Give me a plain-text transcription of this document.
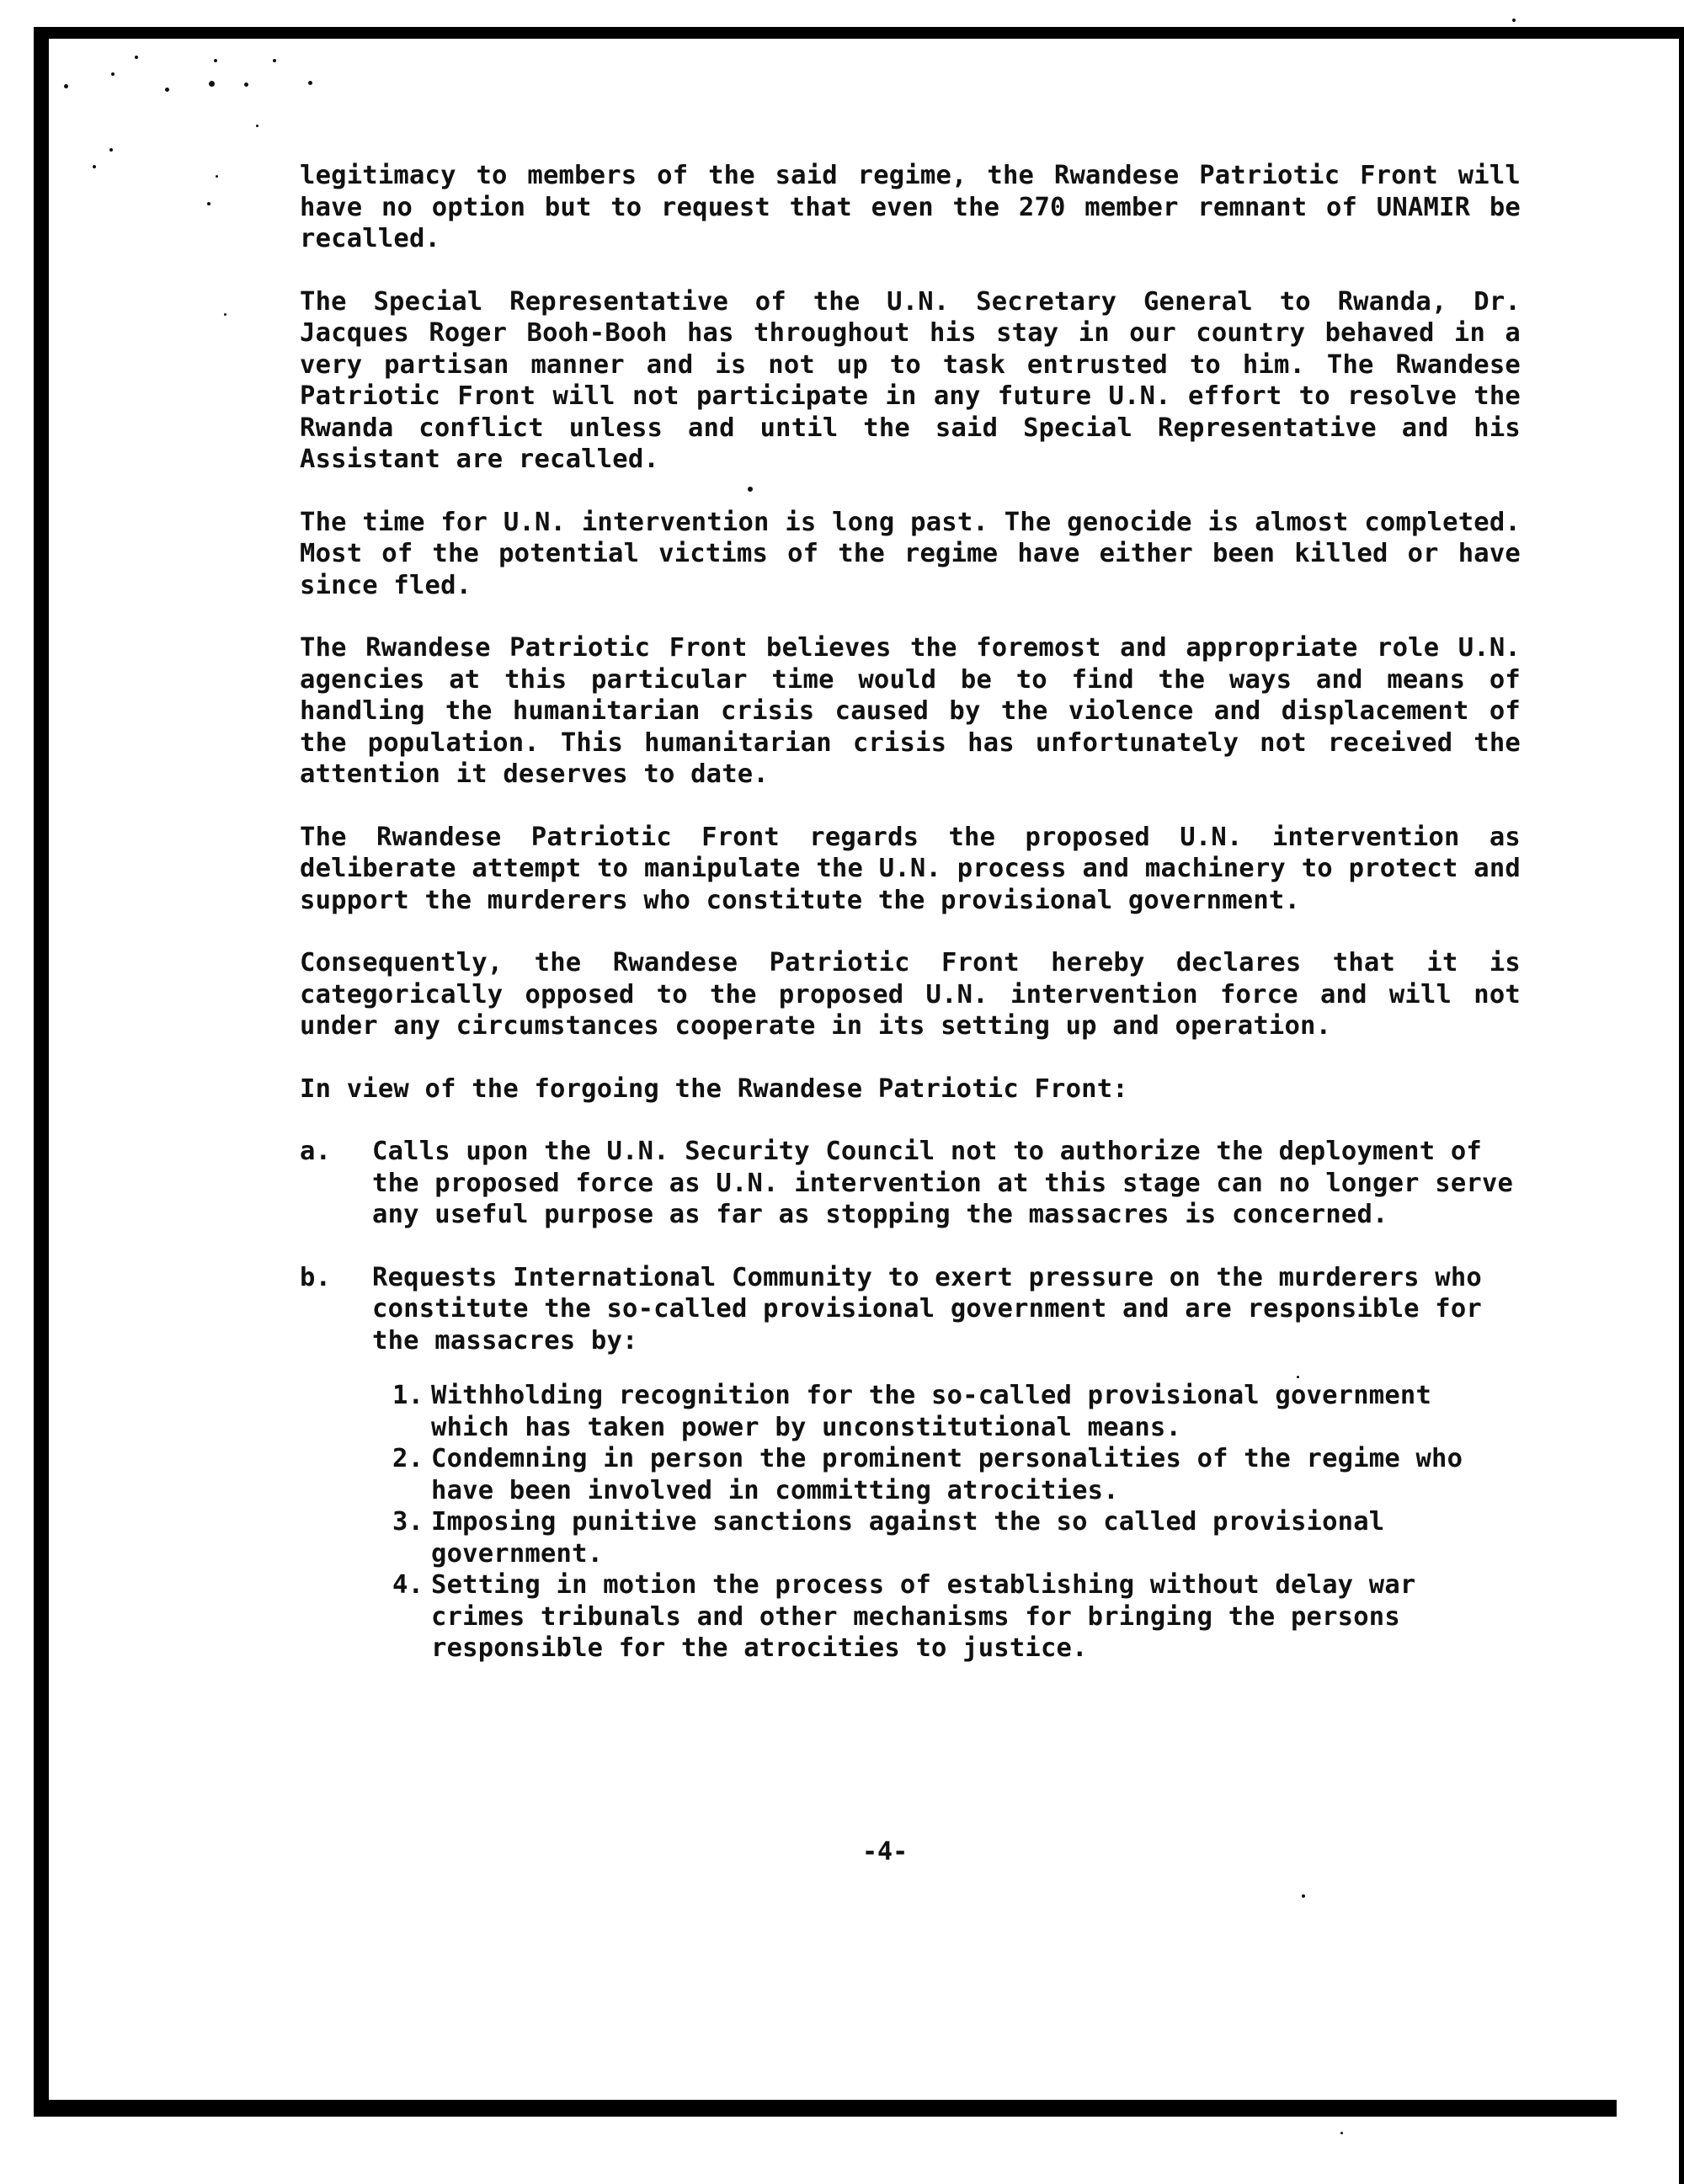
legitimacy to members of the said regime, the Rwandese Patriotic Front will have no option but to request that even the 270 member remnant of UNAMIR be recalled.

The Special Representative of the U.N. Secretary General to Rwanda, Dr. Jacques Roger Booh-Booh has throughout his stay in our country behaved in a very partisan manner and is not up to task entrusted to him. The Rwandese Patriotic Front will not participate in any future U.N. effort to resolve the Rwanda conflict unless and until the said Special Representative and his Assistant are recalled.

The time for U.N. intervention is long past. The genocide is almost completed. Most of the potential victims of the regime have either been killed or have since fled.

The Rwandese Patriotic Front believes the foremost and appropriate role U.N. agencies at this particular time would be to find the ways and means of handling the humanitarian crisis caused by the violence and displacement of the population. This humanitarian crisis has unfortunately not received the attention it deserves to date.

The Rwandese Patriotic Front regards the proposed U.N. intervention as deliberate attempt to manipulate the U.N. process and machinery to protect and support the murderers who constitute the provisional government.

Consequently, the Rwandese Patriotic Front hereby declares that it is categorically opposed to the proposed U.N. intervention force and will not under any circumstances cooperate in its setting up and operation.

In view of the forgoing the Rwandese Patriotic Front:

a. Calls upon the U.N. Security Council not to authorize the deployment of the proposed force as U.N. intervention at this stage can no longer serve any useful purpose as far as stopping the massacres is concerned.
b. Requests International Community to exert pressure on the murderers who constitute the so-called provisional government and are responsible for the massacres by:
1. Withholding recognition for the so-called provisional government which has taken power by unconstitutional means.
2. Condemning in person the prominent personalities of the regime who have been involved in committing atrocities.
3. Imposing punitive sanctions against the so called provisional government.
4. Setting in motion the process of establishing without delay war crimes tribunals and other mechanisms for bringing the persons responsible for the atrocities to justice.
-4-
